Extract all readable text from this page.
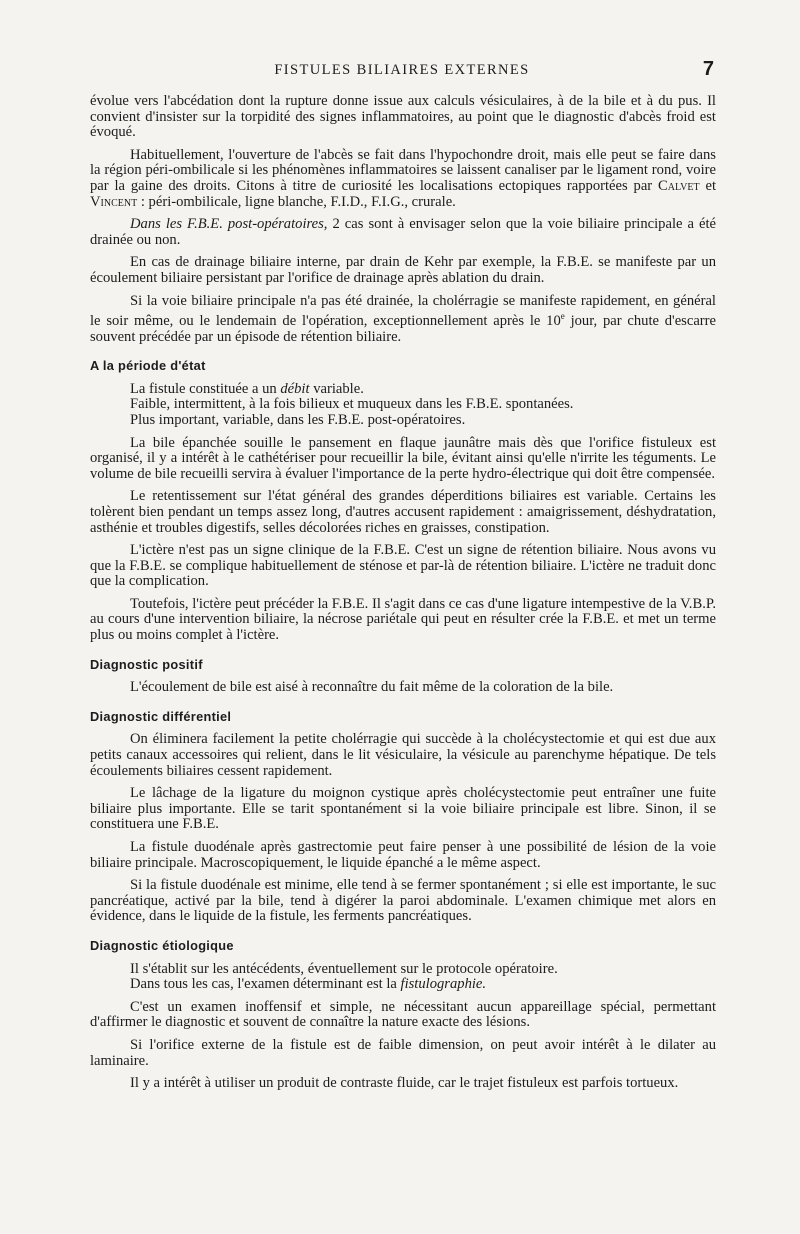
FISTULES BILIAIRES EXTERNES	7

évolue vers l'abcédation dont la rupture donne issue aux calculs vésiculaires, à de la bile et à du pus. Il convient d'insister sur la torpidité des signes inflammatoires, au point que le diagnostic d'abcès froid est évoqué.

Habituellement, l'ouverture de l'abcès se fait dans l'hypochondre droit, mais elle peut se faire dans la région péri-ombilicale si les phénomènes inflammatoires se laissent canaliser par le ligament rond, voire par la gaine des droits. Citons à titre de curiosité les localisations ectopiques rapportées par Calvet et Vincent : péri-ombilicale, ligne blanche, F.I.D., F.I.G., crurale.

Dans les F.B.E. post-opératoires, 2 cas sont à envisager selon que la voie biliaire principale a été drainée ou non.

En cas de drainage biliaire interne, par drain de Kehr par exemple, la F.B.E. se manifeste par un écoulement biliaire persistant par l'orifice de drainage après ablation du drain.

Si la voie biliaire principale n'a pas été drainée, la cholérragie se manifeste rapidement, en général le soir même, ou le lendemain de l'opération, exceptionnellement après le 10e jour, par chute d'escarre souvent précédée par un épisode de rétention biliaire.

A la période d'état

La fistule constituée a un débit variable.

Faible, intermittent, à la fois bilieux et muqueux dans les F.B.E. spontanées.

Plus important, variable, dans les F.B.E. post-opératoires.

La bile épanchée souille le pansement en flaque jaunâtre mais dès que l'orifice fistuleux est organisé, il y a intérêt à le cathétériser pour recueillir la bile, évitant ainsi qu'elle n'irrite les téguments. Le volume de bile recueilli servira à évaluer l'importance de la perte hydro-électrique qui doit être compensée.

Le retentissement sur l'état général des grandes déperditions biliaires est variable. Certains les tolèrent bien pendant un temps assez long, d'autres accusent rapidement : amaigrissement, déshydratation, asthénie et troubles digestifs, selles décolorées riches en graisses, constipation.

L'ictère n'est pas un signe clinique de la F.B.E. C'est un signe de rétention biliaire. Nous avons vu que la F.B.E. se complique habituellement de sténose et par-là de rétention biliaire. L'ictère ne traduit donc que la complication.

Toutefois, l'ictère peut précéder la F.B.E. Il s'agit dans ce cas d'une ligature intempestive de la V.B.P. au cours d'une intervention biliaire, la nécrose pariétale qui peut en résulter crée la F.B.E. et met un terme plus ou moins complet à l'ictère.

Diagnostic positif

L'écoulement de bile est aisé à reconnaître du fait même de la coloration de la bile.

Diagnostic différentiel

On éliminera facilement la petite cholérragie qui succède à la cholécystectomie et qui est due aux petits canaux accessoires qui relient, dans le lit vésiculaire, la vésicule au parenchyme hépatique. De tels écoulements biliaires cessent rapidement.

Le lâchage de la ligature du moignon cystique après cholécystectomie peut entraîner une fuite biliaire plus importante. Elle se tarit spontanément si la voie biliaire principale est libre. Sinon, il se constituera une F.B.E.

La fistule duodénale après gastrectomie peut faire penser à une possibilité de lésion de la voie biliaire principale. Macroscopiquement, le liquide épanché a le même aspect.

Si la fistule duodénale est minime, elle tend à se fermer spontanément ; si elle est importante, le suc pancréatique, activé par la bile, tend à digérer la paroi abdominale. L'examen chimique met alors en évidence, dans le liquide de la fistule, les ferments pancréatiques.

Diagnostic étiologique

Il s'établit sur les antécédents, éventuellement sur le protocole opératoire.

Dans tous les cas, l'examen déterminant est la fistulographie.

C'est un examen inoffensif et simple, ne nécessitant aucun appareillage spécial, permettant d'affirmer le diagnostic et souvent de connaître la nature exacte des lésions.

Si l'orifice externe de la fistule est de faible dimension, on peut avoir intérêt à le dilater au laminaire.

Il y a intérêt à utiliser un produit de contraste fluide, car le trajet fistuleux est parfois tortueux.
